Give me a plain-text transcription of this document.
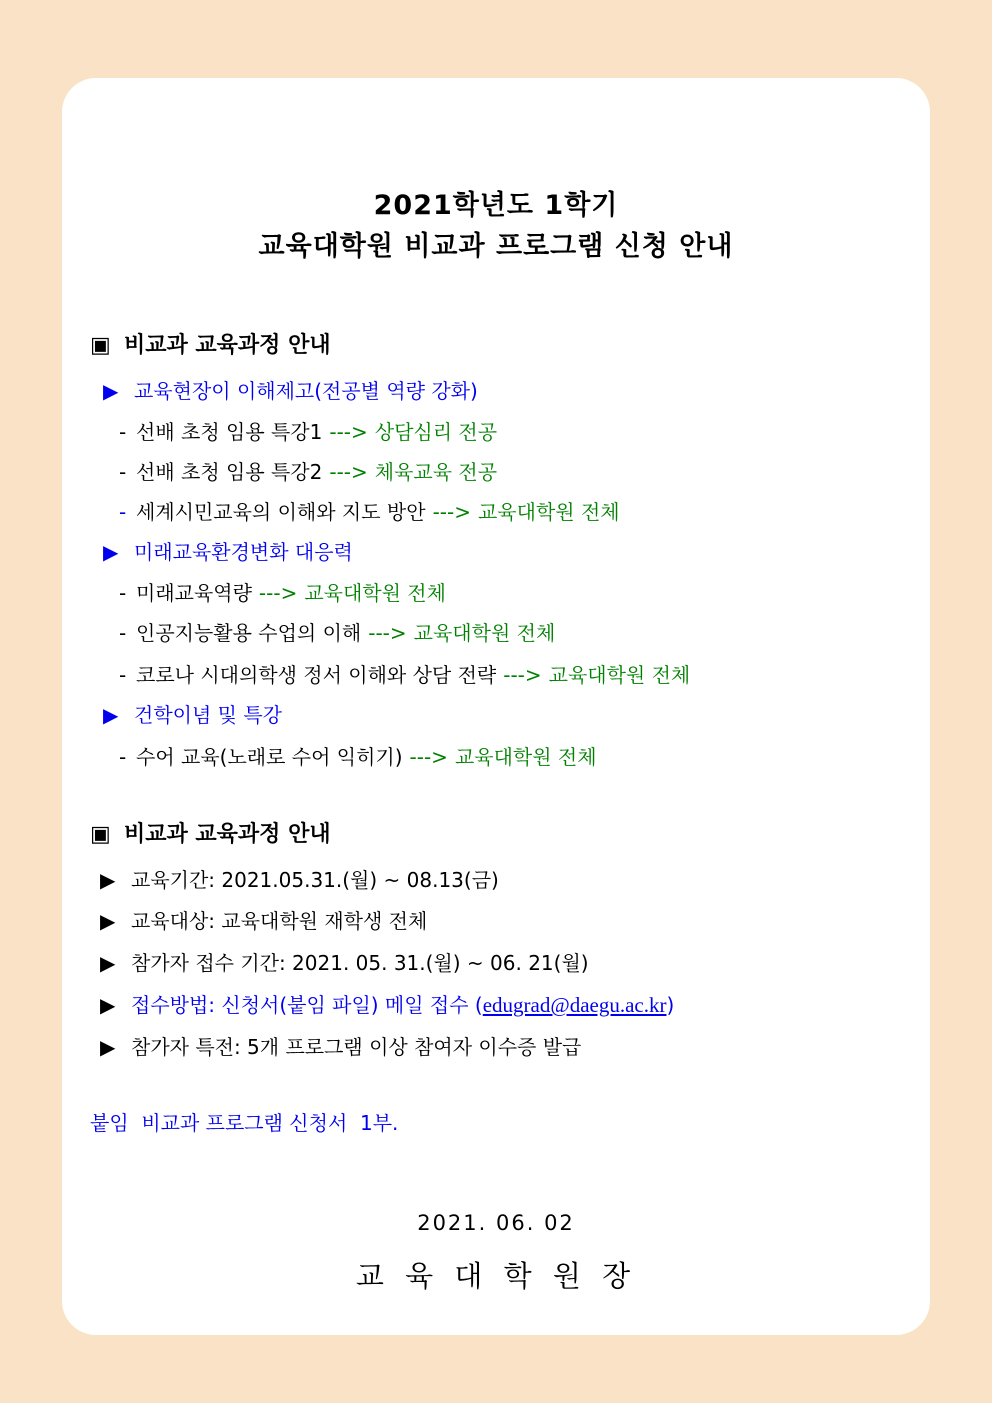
2021학년도 1학기
교육대학원 비교과 프로그램 신청 안내
▣ 비교과 교육과정 안내
▶ 교육현장이 이해제고(전공별 역량 강화)
- 선배 초청 임용 특강1 ---> 상담심리 전공
- 선배 초청 임용 특강2 ---> 체육교육 전공
- 세계시민교육의 이해와 지도 방안 ---> 교육대학원 전체
▶ 미래교육환경변화 대응력
- 미래교육역량 ---> 교육대학원 전체
- 인공지능활용 수업의 이해 ---> 교육대학원 전체
- 코로나 시대의학생 정서 이해와 상담 전략 ---> 교육대학원 전체
▶ 건학이념 및 특강
- 수어 교육(노래로 수어 익히기) ---> 교육대학원 전체
▣ 비교과 교육과정 안내
▶ 교육기간: 2021.05.31.(월) ~ 08.13(금)
▶ 교육대상: 교육대학원 재학생 전체
▶ 참가자 접수 기간: 2021. 05. 31.(월) ~ 06. 21(월)
▶ 접수방법: 신청서(붙임 파일) 메일 접수 (edugrad@daegu.ac.kr)
▶ 참가자 특전: 5개 프로그램 이상 참여자 이수증 발급
붙임  비교과 프로그램 신청서  1부.
2021. 06. 02
교 육 대 학 원 장
